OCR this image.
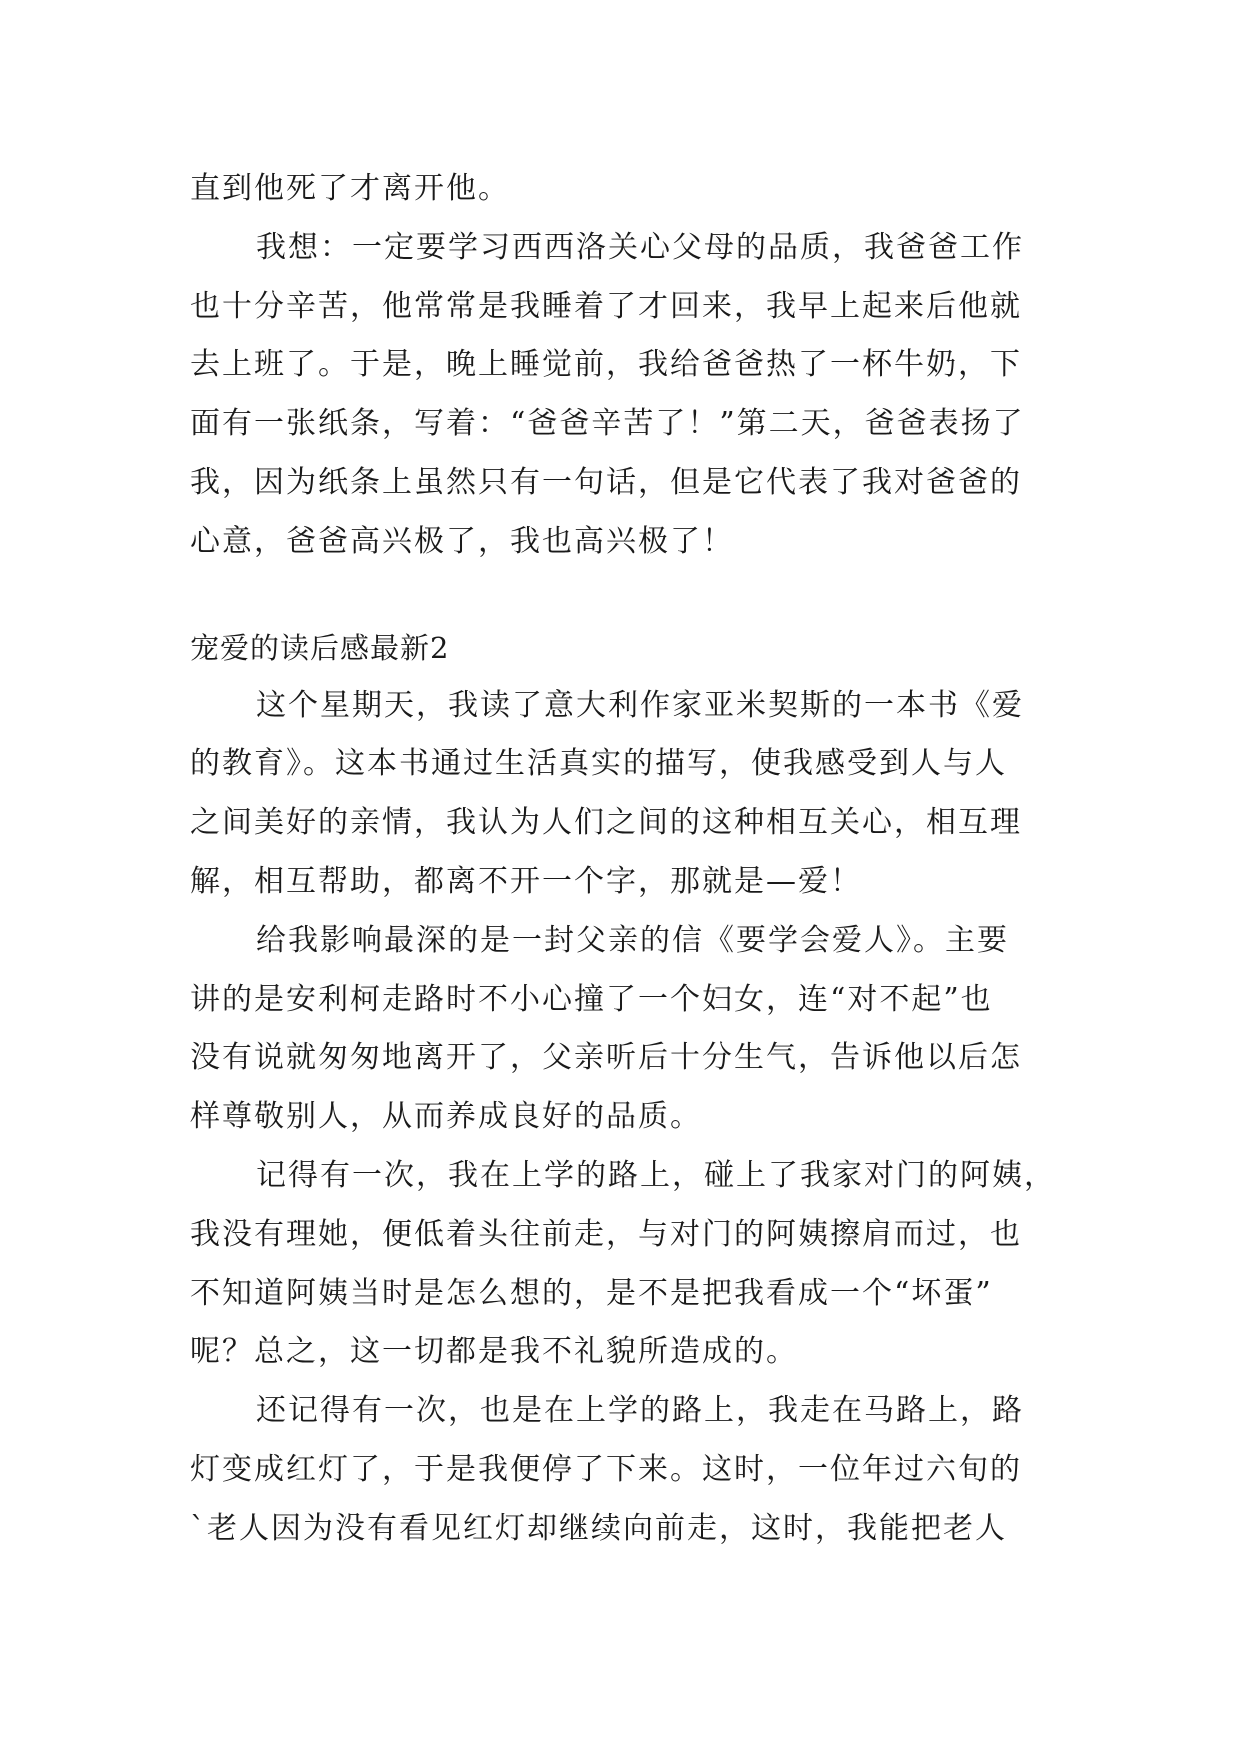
直到他死了才离开他。
我想：一定要学习西西洛关心父母的品质，我爸爸工作
也十分辛苦，他常常是我睡着了才回来，我早上起来后他就
去上班了。于是，晚上睡觉前，我给爸爸热了一杯牛奶，下
面有一张纸条，写着：“爸爸辛苦了！”第二天，爸爸表扬了
我，因为纸条上虽然只有一句话，但是它代表了我对爸爸的
心意，爸爸高兴极了，我也高兴极了！
宠爱的读后感最新2
这个星期天，我读了意大利作家亚米契斯的一本书《爱
的教育》。这本书通过生活真实的描写，使我感受到人与人
之间美好的亲情，我认为人们之间的这种相互关心，相互理
解，相互帮助，都离不开一个字，那就是—爱！
给我影响最深的是一封父亲的信《要学会爱人》。主要
讲的是安利柯走路时不小心撞了一个妇女，连“对不起”也
没有说就匆匆地离开了，父亲听后十分生气，告诉他以后怎
样尊敬别人，从而养成良好的品质。
记得有一次，我在上学的路上，碰上了我家对门的阿姨，
我没有理她，便低着头往前走，与对门的阿姨擦肩而过，也
不知道阿姨当时是怎么想的，是不是把我看成一个“坏蛋”
呢？总之，这一切都是我不礼貌所造成的。
还记得有一次，也是在上学的路上，我走在马路上，路
灯变成红灯了，于是我便停了下来。这时，一位年过六旬的
`老人因为没有看见红灯却继续向前走，这时，我能把老人
